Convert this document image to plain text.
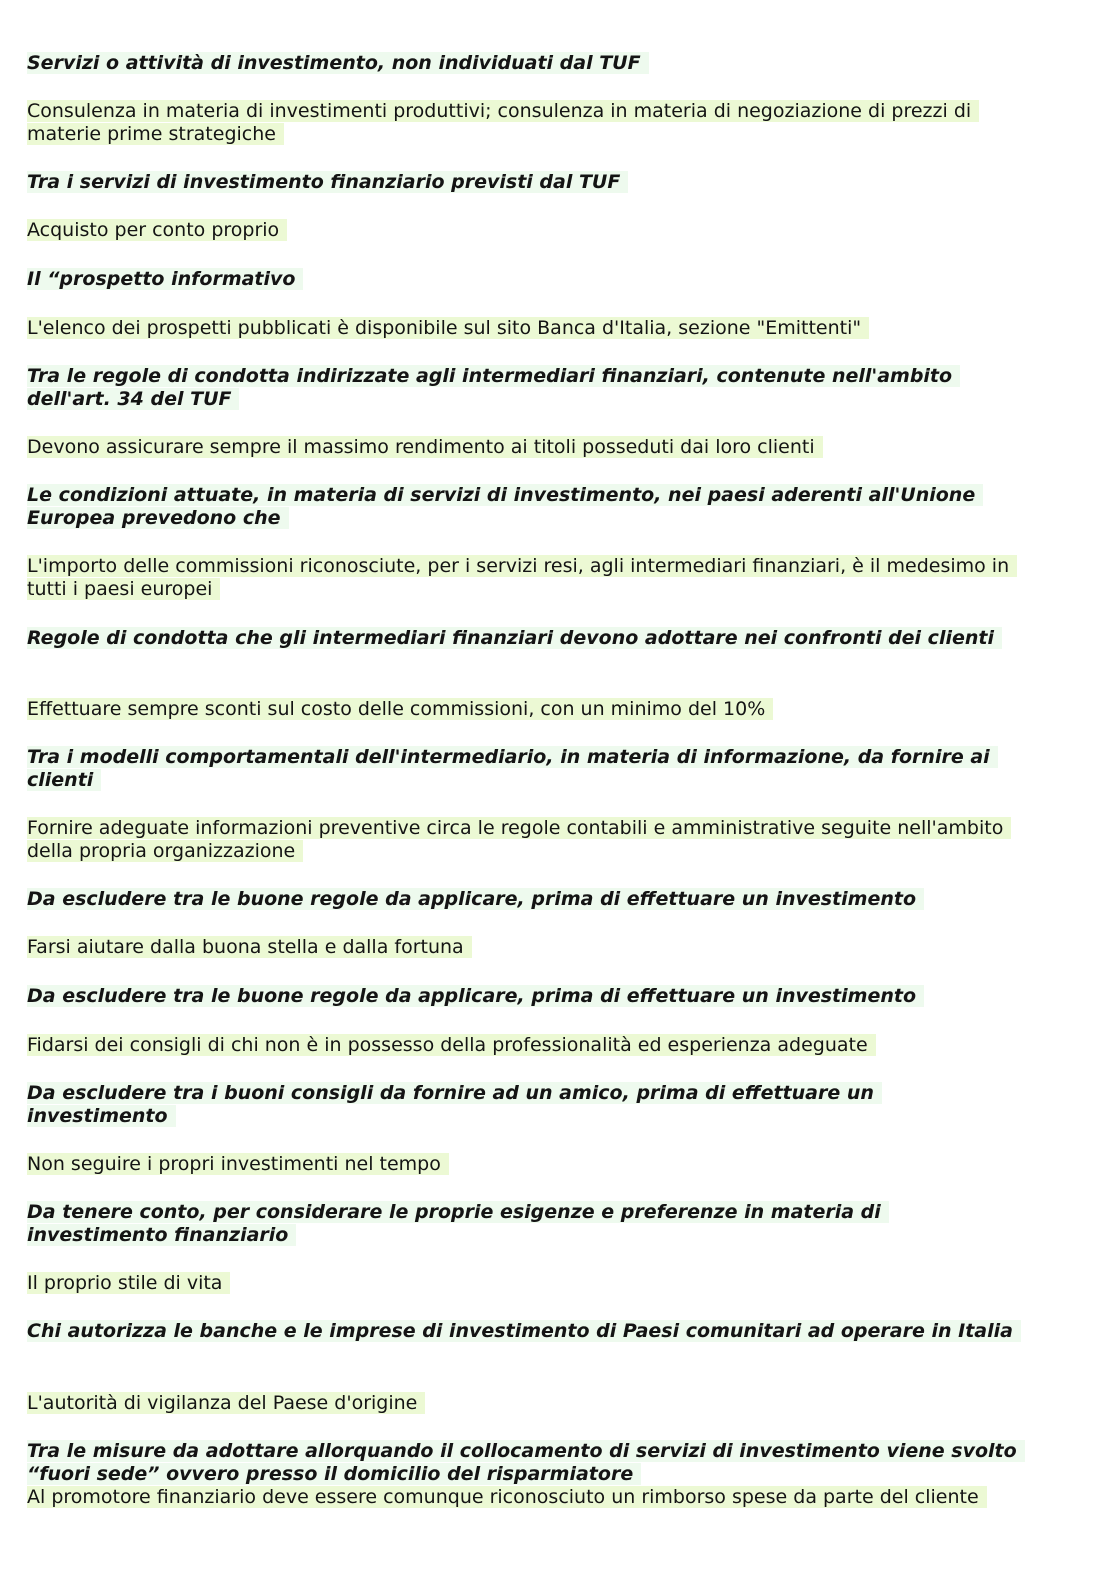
Servizi o attività di investimento, non individuati dal TUF
Consulenza in materia di investimenti produttivi; consulenza in materia di negoziazione di prezzi di materie prime strategiche
Tra i servizi di investimento finanziario previsti dal TUF
Acquisto per conto proprio
Il “prospetto informativo
L'elenco dei prospetti pubblicati è disponibile sul sito Banca d'Italia, sezione "Emittenti"
Tra le regole di condotta indirizzate agli intermediari finanziari, contenute nell'ambito dell'art. 34 del TUF
Devono assicurare sempre il massimo rendimento ai titoli posseduti dai loro clienti
Le condizioni attuate, in materia di servizi di investimento, nei paesi aderenti all'Unione Europea prevedono che
L'importo delle commissioni riconosciute, per i servizi resi, agli intermediari finanziari, è il medesimo in tutti i paesi europei
Regole di condotta che gli intermediari finanziari devono adottare nei confronti dei clienti
Effettuare sempre sconti sul costo delle commissioni, con un minimo del 10%
Tra i modelli comportamentali dell'intermediario, in materia di informazione, da fornire ai clienti
Fornire adeguate informazioni preventive circa le regole contabili e amministrative seguite nell'ambito della propria organizzazione
Da escludere tra le buone regole da applicare, prima di effettuare un investimento
Farsi aiutare dalla buona stella e dalla fortuna
Da escludere tra le buone regole da applicare, prima di effettuare un investimento
Fidarsi dei consigli di chi non è in possesso della professionalità ed esperienza adeguate
Da escludere tra i buoni consigli da fornire ad un amico, prima di effettuare un investimento
Non seguire i propri investimenti nel tempo
Da tenere conto, per considerare le proprie esigenze e preferenze in materia di investimento finanziario
Il proprio stile di vita
Chi autorizza le banche e le imprese di investimento di Paesi comunitari ad operare in Italia
L'autorità di vigilanza del Paese d'origine
Tra le misure da adottare allorquando il collocamento di servizi di investimento viene svolto “fuori sede” ovvero presso il domicilio del risparmiatore
Al promotore finanziario deve essere comunque riconosciuto un rimborso spese da parte del cliente
